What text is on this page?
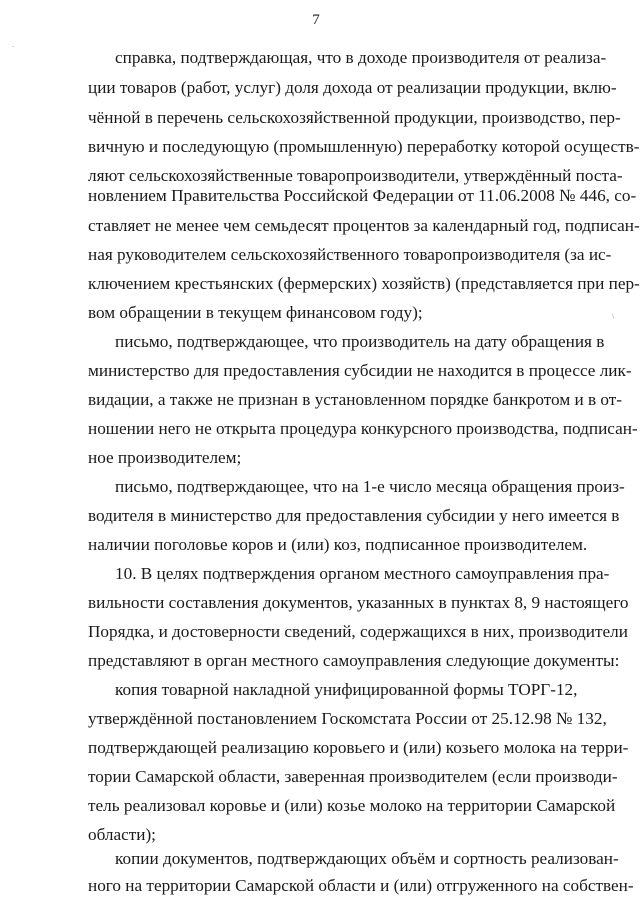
7
.
\
справка, подтверждающая, что в доходе производителя от реализа-
ции товаров (работ, услуг) доля дохода от реализации продукции, вклю-
чённой в перечень сельскохозяйственной продукции, производство, пер-
вичную и последующую (промышленную) переработку которой осуществ-
ляют сельскохозяйственные товаропроизводители, утверждённый поста-
новлением Правительства Российской Федерации от 11.06.2008 № 446, со-
ставляет не менее чем семьдесят процентов за календарный год, подписан-
ная руководителем сельскохозяйственного товаропроизводителя (за ис-
ключением крестьянских (фермерских) хозяйств) (представляется при пер-
вом обращении в текущем финансовом году);
письмо, подтверждающее, что производитель на дату обращения в
министерство для предоставления субсидии не находится в процессе лик-
видации, а также не признан в установленном порядке банкротом и в от-
ношении него не открыта процедура конкурсного производства, подписан-
ное производителем;
письмо, подтверждающее, что на 1-е число месяца обращения произ-
водителя в министерство для предоставления субсидии у него имеется в
наличии поголовье коров и (или) коз, подписанное производителем.
10. В целях подтверждения органом местного самоуправления пра-
вильности составления документов, указанных в пунктах 8, 9 настоящего
Порядка, и достоверности сведений, содержащихся в них, производители
представляют в орган местного самоуправления следующие документы:
копия товарной накладной унифицированной формы ТОРГ-12,
утверждённой постановлением Госкомстата России от 25.12.98 № 132,
подтверждающей реализацию коровьего и (или) козьего молока на терри-
тории Самарской области, заверенная производителем (если производи-
тель реализовал коровье и (или) козье молоко на территории Самарской
области);
копии документов, подтверждающих объём и сортность реализован-
ного на территории Самарской области и (или) отгруженного на собствен-
